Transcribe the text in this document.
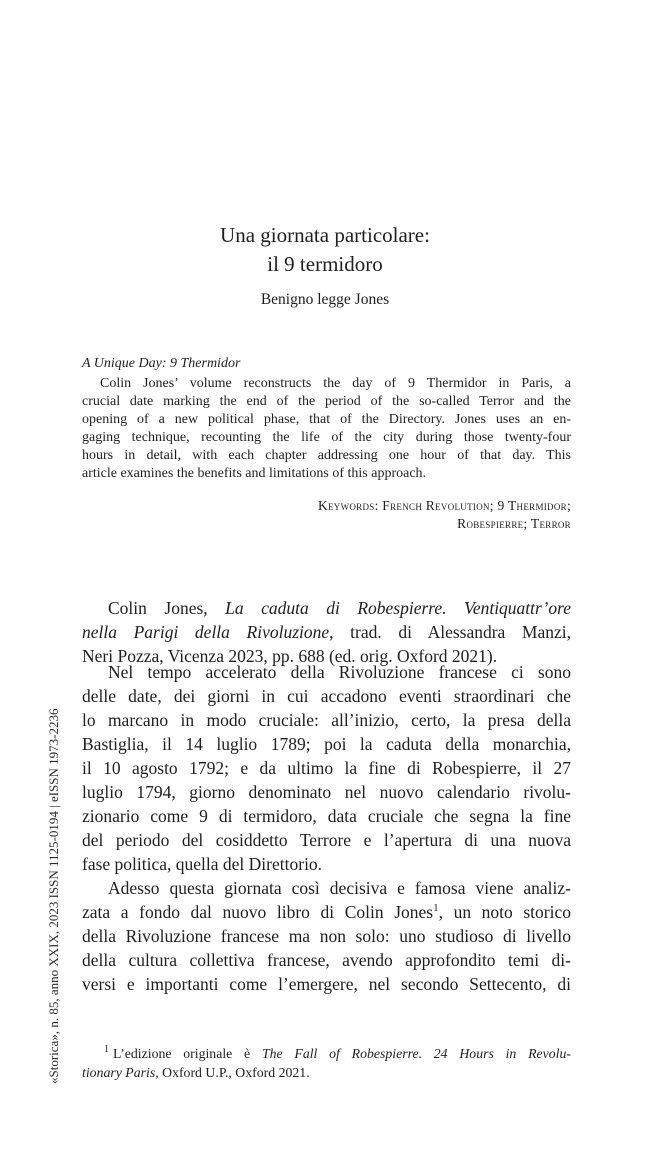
Una giornata particolare:
il 9 termidoro
Benigno legge Jones
A Unique Day: 9 Thermidor
Colin Jones’ volume reconstructs the day of 9 Thermidor in Paris, a
crucial date marking the end of the period of the so-called Terror and the
opening of a new political phase, that of the Directory. Jones uses an en-
gaging technique, recounting the life of the city during those twenty-four
hours in detail, with each chapter addressing one hour of that day. This
article examines the benefits and limitations of this approach.
Keywords: French Revolution; 9 Thermidor;
Robespierre; Terror
Colin Jones, La caduta di Robespierre. Ventiquattr’ore
nella Parigi della Rivoluzione, trad. di Alessandra Manzi,
Neri Pozza, Vicenza 2023, pp. 688 (ed. orig. Oxford 2021).
Nel tempo accelerato della Rivoluzione francese ci sono
delle date, dei giorni in cui accadono eventi straordinari che
lo marcano in modo cruciale: all’inizio, certo, la presa della
Bastiglia, il 14 luglio 1789; poi la caduta della monarchia,
il 10 agosto 1792; e da ultimo la fine di Robespierre, il 27
luglio 1794, giorno denominato nel nuovo calendario rivolu-
zionario come 9 di termidoro, data cruciale che segna la fine
del periodo del cosiddetto Terrore e l’apertura di una nuova
fase politica, quella del Direttorio.
Adesso questa giornata così decisiva e famosa viene analiz-
zata a fondo dal nuovo libro di Colin Jones$^1$, un noto storico
della Rivoluzione francese ma non solo: uno studioso di livello
della cultura collettiva francese, avendo approfondito temi di-
versi e importanti come l’emergere, nel secondo Settecento, di
$^1$ L’edizione originale è The Fall of Robespierre. 24 Hours in Revolu-
tionary Paris, Oxford U.P., Oxford 2021.
«Storica», n. 85, anno XXIX, 2023 ISSN 1125-0194 | eISSN 1973-2236
